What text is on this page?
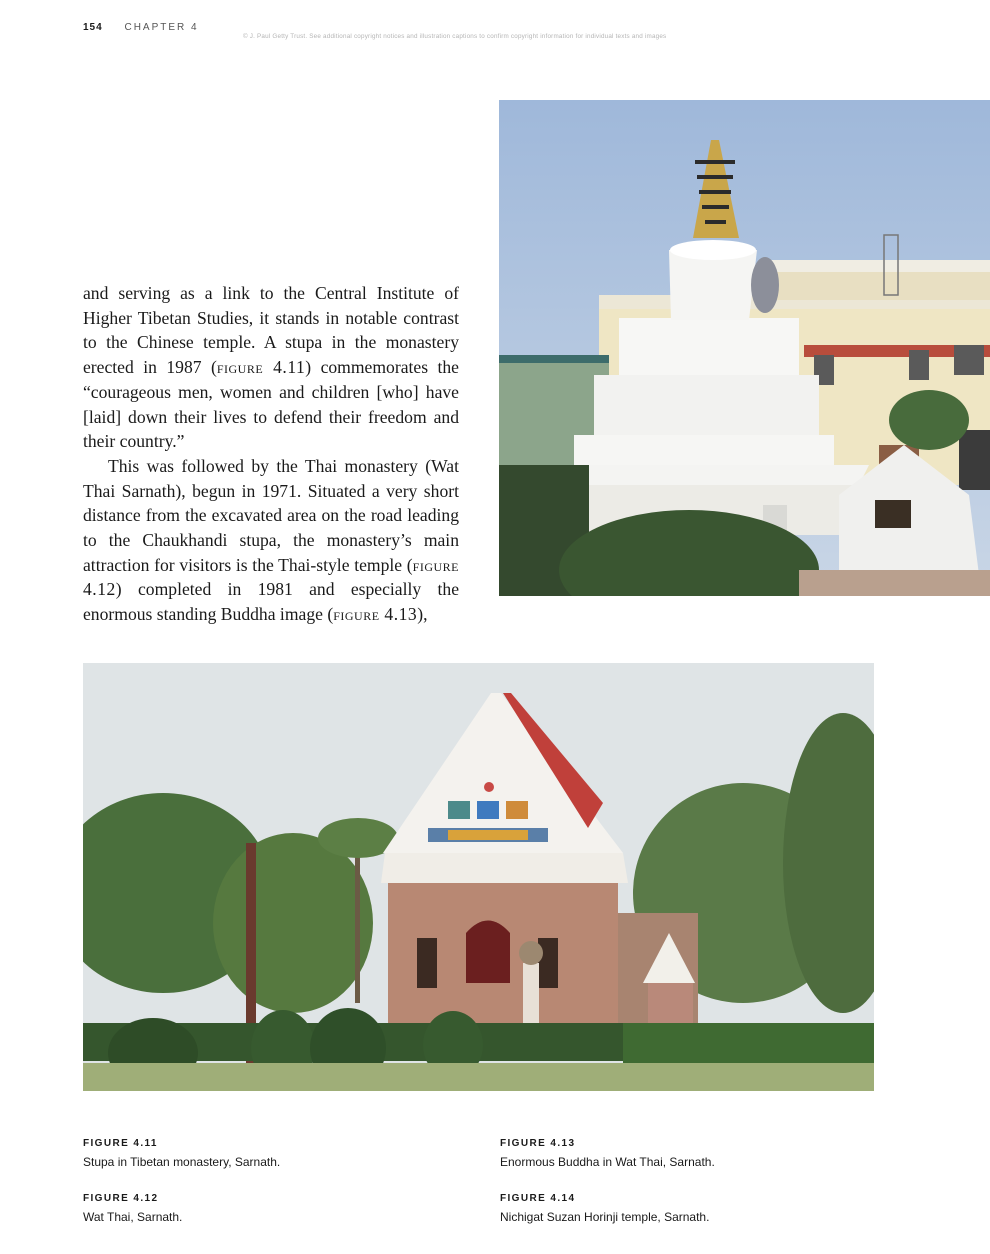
154 CHAPTER 4
© J. Paul Getty Trust. See additional copyright notices and illustration captions to confirm copyright information for individual texts and images

and serving as a link to the Central Institute of Higher Tibetan Studies, it stands in notable contrast to the Chinese temple. A stupa in the monastery erected in 1987 (figure 4.11) commemorates the “courageous men, women and children [who] have [laid] down their lives to defend their freedom and their country.”

This was followed by the Thai monastery (Wat Thai Sarnath), begun in 1971. Situated a very short distance from the excavated area on the road leading to the Chaukhandi stupa, the monastery’s main attraction for visitors is the Thai-style temple (figure 4.12) completed in 1981 and especially the enormous standing Buddha image (figure 4.13),

FIGURE 4.11
Stupa in Tibetan monastery, Sarnath.
FIGURE 4.12
Wat Thai, Sarnath.
FIGURE 4.13
Enormous Buddha in Wat Thai, Sarnath.
FIGURE 4.14
Nichigat Suzan Horinji temple, Sarnath.
